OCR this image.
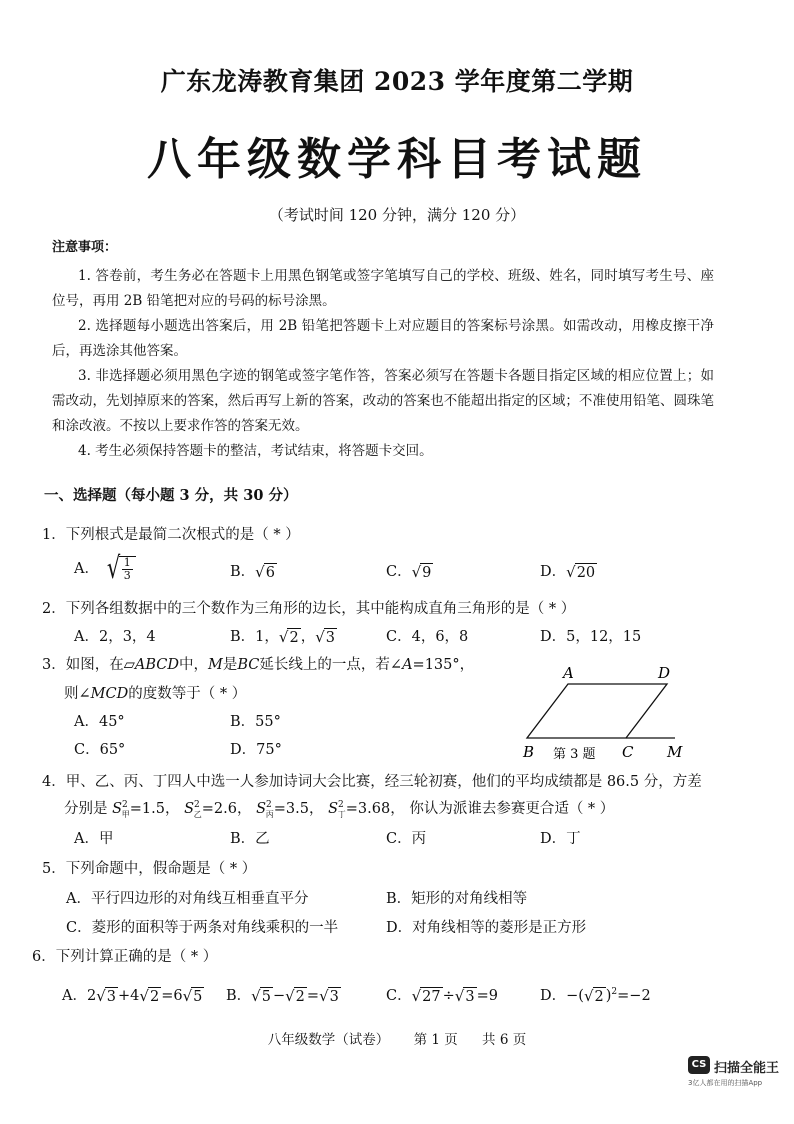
广东龙涛教育集团 2023 学年度第二学期
八年级数学科目考试题
（考试时间 120 分钟，满分 120 分）
注意事项：
1. 答卷前，考生务必在答题卡上用黑色钢笔或签字笔填写自己的学校、班级、姓名，同时填写考生号、座位号，再用 2B 铅笔把对应的号码的标号涂黑。
2. 选择题每小题选出答案后，用 2B 铅笔把答题卡上对应题目的答案标号涂黑。如需改动，用橡皮擦干净后，再选涂其他答案。
3. 非选择题必须用黑色字迹的钢笔或签字笔作答，答案必须写在答题卡各题目指定区域的相应位置上；如需改动，先划掉原来的答案，然后再写上新的答案，改动的答案也不能超出指定的区域；不准使用铅笔、圆珠笔和涂改液。不按以上要求作答的答案无效。
4. 考生必须保持答题卡的整洁，考试结束，将答题卡交回。
一、选择题（每小题 3 分，共 30 分）
1．下列根式是最简二次根式的是（ * ）
A． √ $\frac{1}{3}$	B． √ 6	C． √ 9	D． √ 20
2．下列各组数据中的三个数作为三角形的边长，其中能构成直角三角形的是（ * ）
A．2，3，4	B．1， √ 2 ， √ 3	C．4，6，8	D．5，12，15
3．如图，在▱ABCD中，M是BC延长线上的一点，若∠A=135°，
则∠MCD的度数等于（ * ）
A．45°	B．55°
C．65°	D．75°
A	D
B	C M
第 3 题
4．甲、乙、丙、丁四人中选一人参加诗词大会比赛，经三轮初赛，他们的平均成绩都是 86.5 分，方差
分别是 $S^2_甲=1.5$， $S^2_乙=2.6$， $S^2_丙=3.5$， $S^2_丁=3.68$， 你认为派谁去参赛更合适（ * ）
A．甲	B．乙	C．丙	D．丁
5．下列命题中，假命题是（ * ）
A．平行四边形的对角线互相垂直平分	B．矩形的对角线相等
C．菱形的面积等于两条对角线乘积的一半	D．对角线相等的菱形是正方形
6．下列计算正确的是（ * ）
A．2 √ 3 +4 √ 2 =6 √ 5 B． √ 5 − √ 2 = √ 3	C． √ 27 ÷ √ 3 =9	D．−( √ 2 )$^2$=−2
八年级数学（试卷） 第 1 页 共 6 页
CS 扫描全能王
3亿人都在用的扫描App
